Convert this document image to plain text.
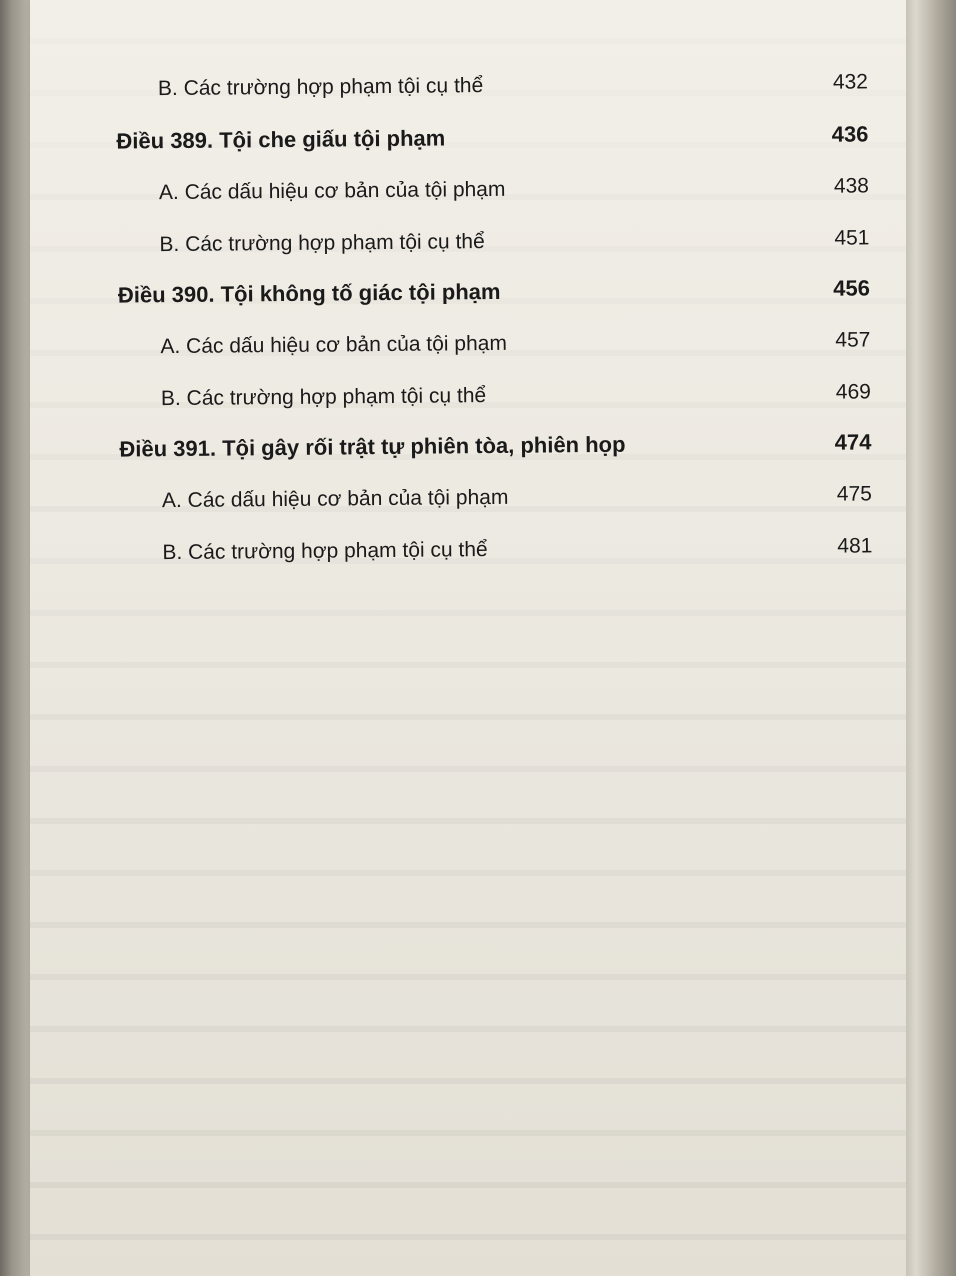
B. Các trường hợp phạm tội cụ thể	432
Điều 389. Tội che giấu tội phạm	436
A. Các dấu hiệu cơ bản của tội phạm	438
B. Các trường hợp phạm tội cụ thể	451
Điều 390. Tội không tố giác tội phạm	456
A. Các dấu hiệu cơ bản của tội phạm	457
B. Các trường hợp phạm tội cụ thể	469
Điều 391. Tội gây rối trật tự phiên tòa, phiên họp	474
A. Các dấu hiệu cơ bản của tội phạm	475
B. Các trường hợp phạm tội cụ thể	481
